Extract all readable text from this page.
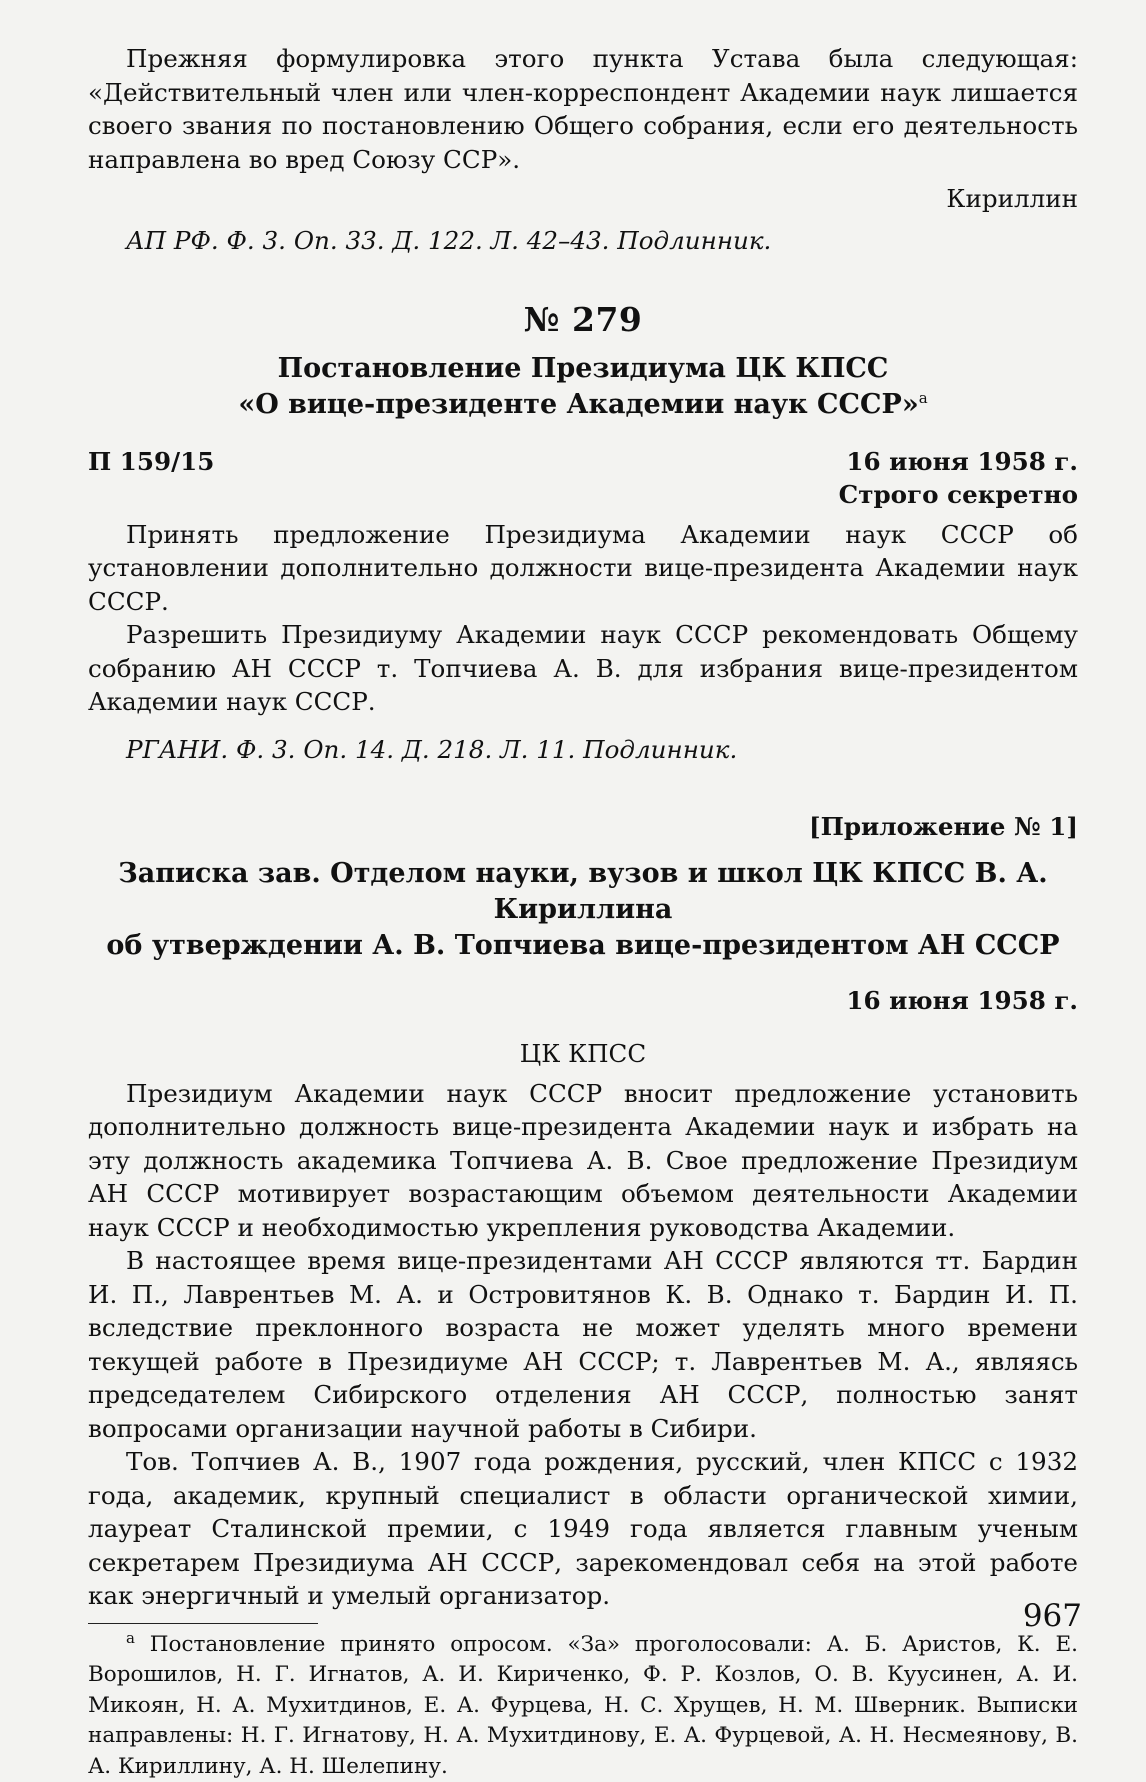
Прежняя формулировка этого пункта Устава была следующая: «Действительный член или член-корреспондент Академии наук лишается своего звания по постановлению Общего собрания, если его деятельность направлена во вред Союзу ССР».

Кириллин

АП РФ. Ф. 3. Оп. 33. Д. 122. Л. 42–43. Подлинник.

№ 279

Постановление Президиума ЦК КПСС

«О вице-президенте Академии наук СССР»$^a$

П 159/15	16 июня 1958 г.

Строго секретно

Принять предложение Президиума Академии наук СССР об установлении дополнительно должности вице-президента Академии наук СССР.

Разрешить Президиуму Академии наук СССР рекомендовать Общему собранию АН СССР т. Топчиева А. В. для избрания вице-президентом Академии наук СССР.

РГАНИ. Ф. 3. Оп. 14. Д. 218. Л. 11. Подлинник.

[Приложение № 1]

Записка зав. Отделом науки, вузов и школ ЦК КПСС В. А. Кириллина

об утверждении А. В. Топчиева вице-президентом АН СССР

16 июня 1958 г.

ЦК КПСС

Президиум Академии наук СССР вносит предложение установить дополнительно должность вице-президента Академии наук и избрать на эту должность академика Топчиева А. В. Свое предложение Президиум АН СССР мотивирует возрастающим объемом деятельности Академии наук СССР и необходимостью укрепления руководства Академии.

В настоящее время вице-президентами АН СССР являются тт. Бардин И. П., Лаврентьев М. А. и Островитянов К. В. Однако т. Бардин И. П. вследствие преклонного возраста не может уделять много времени текущей работе в Президиуме АН СССР; т. Лаврентьев М. А., являясь председателем Сибирского отделения АН СССР, полностью занят вопросами организации научной работы в Сибири.

Тов. Топчиев А. В., 1907 года рождения, русский, член КПСС с 1932 года, академик, крупный специалист в области органической химии, лауреат Сталинской премии, с 1949 года является главным ученым секретарем Президиума АН СССР, зарекомендовал себя на этой работе как энергичный и умелый организатор.

$^a$ Постановление принято опросом. «За» проголосовали: А. Б. Аристов, К. Е. Ворошилов, Н. Г. Игнатов, А. И. Кириченко, Ф. Р. Козлов, О. В. Куусинен, А. И. Микоян, Н. А. Мухитдинов, Е. А. Фурцева, Н. С. Хрущев, Н. М. Шверник. Выписки направлены: Н. Г. Игнатову, Н. А. Мухитдинову, Е. А. Фурцевой, А. Н. Несмеянову, В. А. Кириллину, А. Н. Шелепину.

967
